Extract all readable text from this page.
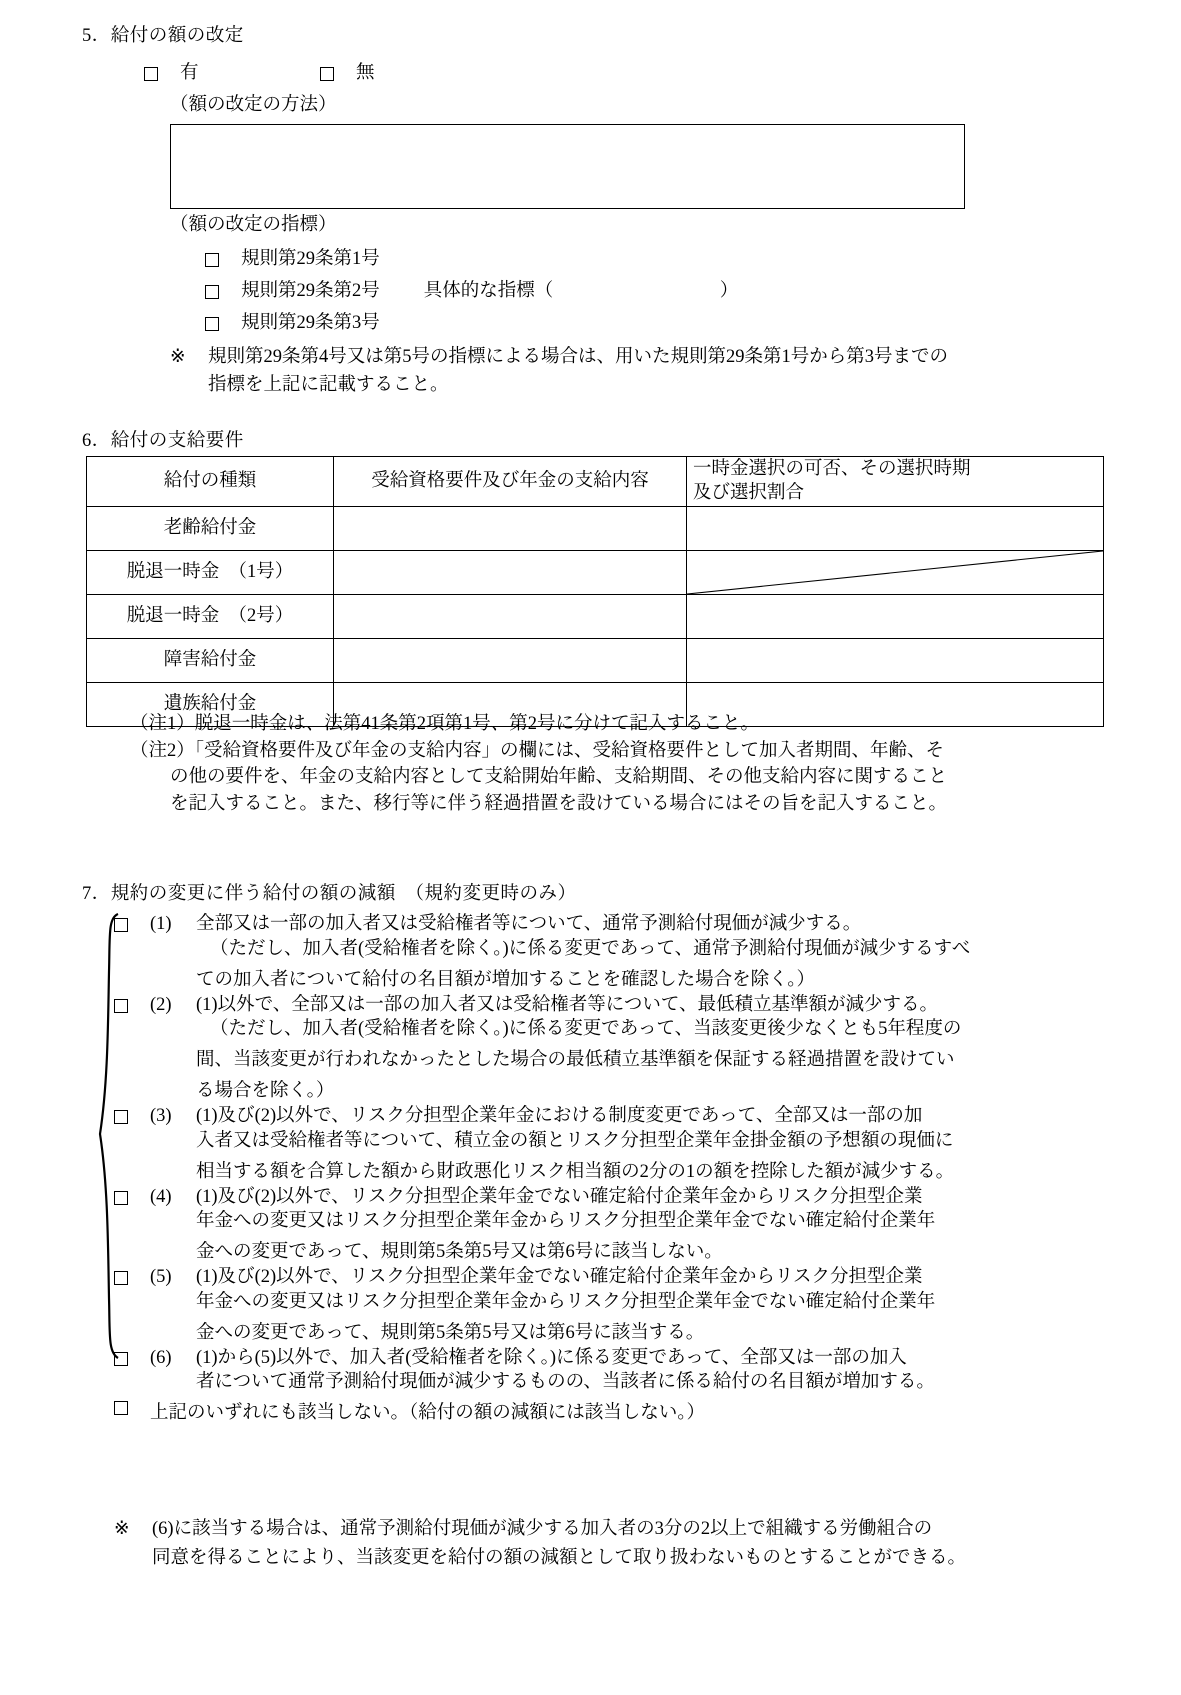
5．給付の額の改定
有
	無
（額の改定の方法）
（額の改定の指標）
規則第29条第1号
規則第29条第2号 具体的な指標（　　　　　　　　　）
規則第29条第3号
※	規則第29条第4号又は第5号の指標による場合は、用いた規則第29条第1号から第3号までの
指標を上記に記載すること。
6．給付の支給要件
給付の種類	受給資格要件及び年金の支給内容	一時金選択の可否、その選択時期
及び選択割合

老齢給付金		
脱退一時金　（1号）		

脱退一時金　（2号）		
障害給付金		
遺族給付金		
（注1）脱退一時金は、法第41条第2項第1号、第2号に分けて記入すること。
（注2）「受給資格要件及び年金の支給内容」の欄には、受給資格要件として加入者期間、年齢、そ
の他の要件を、年金の支給内容として支給開始年齢、支給期間、その他支給内容に関すること
を記入すること。また、移行等に伴う経過措置を設けている場合にはその旨を記入すること。
7．規約の変更に伴う給付の額の減額　（規約変更時のみ）
(1)	全部又は一部の加入者又は受給権者等について、通常予測給付現価が減少する。
（ただし、加入者(受給権者を除く。)に係る変更であって、通常予測給付現価が減少するすべ
ての加入者について給付の名目額が増加することを確認した場合を除く。）
(2)	(1)以外で、全部又は一部の加入者又は受給権者等について、最低積立基準額が減少する。
（ただし、加入者(受給権者を除く。)に係る変更であって、当該変更後少なくとも5年程度の
間、当該変更が行われなかったとした場合の最低積立基準額を保証する経過措置を設けてい
る場合を除く。）
(3)	(1)及び(2)以外で、リスク分担型企業年金における制度変更であって、全部又は一部の加
入者又は受給権者等について、積立金の額とリスク分担型企業年金掛金額の予想額の現価に
相当する額を合算した額から財政悪化リスク相当額の2分の1の額を控除した額が減少する。
(4)	(1)及び(2)以外で、リスク分担型企業年金でない確定給付企業年金からリスク分担型企業
年金への変更又はリスク分担型企業年金からリスク分担型企業年金でない確定給付企業年
金への変更であって、規則第5条第5号又は第6号に該当しない。
(5)	(1)及び(2)以外で、リスク分担型企業年金でない確定給付企業年金からリスク分担型企業
年金への変更又はリスク分担型企業年金からリスク分担型企業年金でない確定給付企業年
金への変更であって、規則第5条第5号又は第6号に該当する。
(6)	(1)から(5)以外で、加入者(受給権者を除く。)に係る変更であって、全部又は一部の加入
者について通常予測給付現価が減少するものの、当該者に係る給付の名目額が増加する。
上記のいずれにも該当しない。（給付の額の減額には該当しない。）
※	(6)に該当する場合は、通常予測給付現価が減少する加入者の3分の2以上で組織する労働組合の
同意を得ることにより、当該変更を給付の額の減額として取り扱わないものとすることができる。
